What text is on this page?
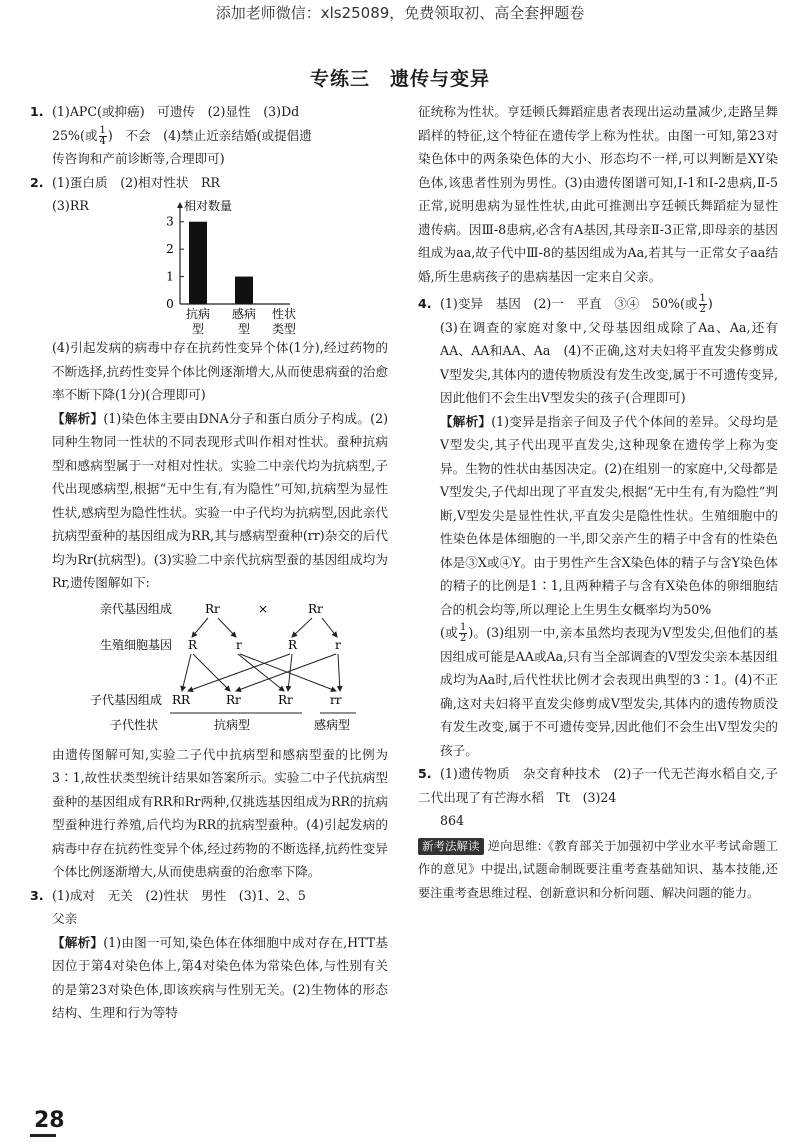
添加老师微信：xls25089，免费领取初、高全套押题卷
专练三　遗传与变异

1. (1)APC(或抑癌)　可遗传　(2)显性　(3)Dd

25%(或 $\frac{1}{4}$ )　不会　(4)禁止近亲结婚(或提倡遗

传咨询和产前诊断等,合理即可)

2. (1)蛋白质　(2)相对性状　RR

(3)RR	相对数量
0
1
2
3
抗病
型
感病
型
性状
类型

(4)引起发病的病毒中存在抗药性变异个体(1分),经过药物的不断选择,抗药性变异个体比例逐渐增大,从而使患病蚕的治愈率不断下降(1分)(合理即可)

【解析】(1)染色体主要由DNA分子和蛋白质分子构成。(2)同种生物同一性状的不同表现形式叫作相对性状。蚕种抗病型和感病型属于一对相对性状。实验二中亲代均为抗病型,子代出现感病型,根据“无中生有,有为隐性”可知,抗病型为显性性状,感病型为隐性性状。实验一中子代均为抗病型,因此亲代抗病型蚕种的基因组成为RR,其与感病型蚕种(rr)杂交的后代均为Rr(抗病型)。(3)实验二中亲代抗病型蚕的基因组成均为Rr,遗传图解如下:

亲代基因组成	Rr	×	Rr
生殖细胞基因 R	r	R	r
子代基因组成 RR	Rr	Rr	rr
子代性状	抗病型	感病型

由遗传图解可知,实验二子代中抗病型和感病型蚕的比例为3∶1,故性状类型统计结果如答案所示。实验二中子代抗病型蚕种的基因组成有RR和Rr两种,仅挑选基因组成为RR的抗病型蚕种进行养殖,后代均为RR的抗病型蚕种。(4)引起发病的病毒中存在抗药性变异个体,经过药物的不断选择,抗药性变异个体比例逐渐增大,从而使患病蚕的治愈率下降。

3. (1)成对　无关　(2)性状　男性　(3)1、2、5

父亲

【解析】(1)由图一可知,染色体在体细胞中成对存在,HTT基因位于第4对染色体上,第4对染色体为常染色体,与性别有关的是第23对染色体,即该疾病与性别无关。(2)生物体的形态结构、生理和行为等特

征统称为性状。亨廷顿氏舞蹈症患者表现出运动量减少,走路呈舞蹈样的特征,这个特征在遗传学上称为性状。由图一可知,第23对染色体中的两条染色体的大小、形态均不一样,可以判断是XY染色体,该患者性别为男性。(3)由遗传图谱可知,Ⅰ-1和Ⅰ-2患病,Ⅱ-5正常,说明患病为显性性状,由此可推测出亨廷顿氏舞蹈症为显性遗传病。因Ⅲ-8患病,必含有A基因,其母亲Ⅱ-3正常,即母亲的基因组成为aa,故子代中Ⅲ-8的基因组成为Aa,若其与一正常女子aa结婚,所生患病孩子的患病基因一定来自父亲。

4. (1)变异　基因　(2)一　平直　③④　50%(或 $\frac{1}{2}$ )

(3)在调查的家庭对象中,父母基因组成除了Aa、Aa,还有AA、AA和AA、Aa　(4)不正确,这对夫妇将平直发尖修剪成V型发尖,其体内的遗传物质没有发生改变,属于不可遗传变异,因此他们不会生出V型发尖的孩子(合理即可)

【解析】(1)变异是指亲子间及子代个体间的差异。父母均是V型发尖,其子代出现平直发尖,这种现象在遗传学上称为变异。生物的性状由基因决定。(2)在组别一的家庭中,父母都是V型发尖,子代却出现了平直发尖,根据“无中生有,有为隐性”判断,V型发尖是显性性状,平直发尖是隐性性状。生殖细胞中的性染色体是体细胞的一半,即父亲产生的精子中含有的性染色体是③X或④Y。由于男性产生含X染色体的精子与含Y染色体的精子的比例是1∶1,且两种精子与含有X染色体的卵细胞结合的机会均等,所以理论上生男生女概率均为50%

(或 $\frac{1}{2}$ )。(3)组别一中,亲本虽然均表现为V型发尖,但他们的基因组成可能是AA或Aa,只有当全部调查的V型发尖亲本基因组成均为Aa时,后代性状比例才会表现出典型的3∶1。(4)不正确,这对夫妇将平直发尖修剪成V型发尖,其体内的遗传物质没有发生改变,属于不可遗传变异,因此他们不会生出V型发尖的孩子。

5. (1)遗传物质　杂交育种技术　(2)子一代无芒海水稻自交,子二代出现了有芒海水稻　Tt　(3)24

864

新考法解读 逆向思维:《教育部关于加强初中学业水平考试命题工作的意见》中提出,试题命制既要注重考查基础知识、基本技能,还要注重考查思维过程、创新意识和分析问题、解决问题的能力。

28
